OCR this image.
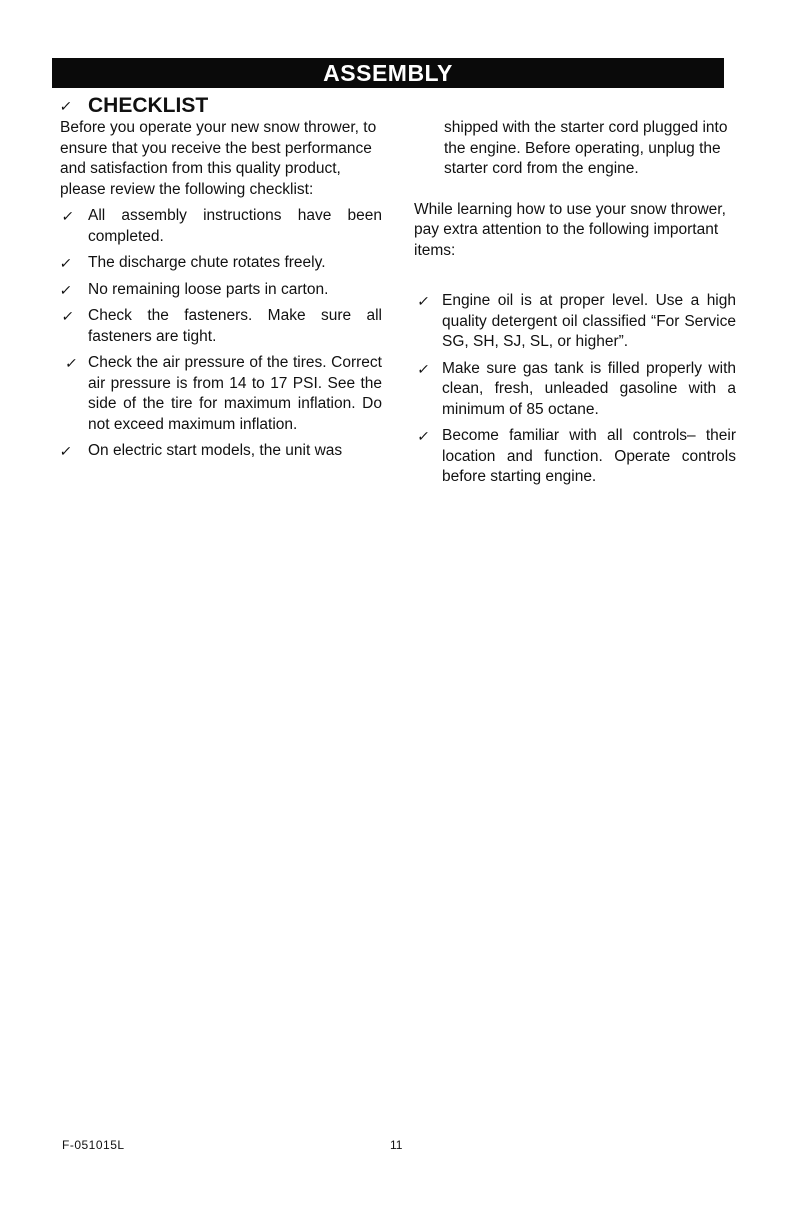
ASSEMBLY
✓ CHECKLIST

Before you operate your new snow thrower, to ensure that you receive the best performance and satisfaction from this quality product, please review the following checklist:

✓ All assembly instructions have been completed.
✓ The discharge chute rotates freely.
✓ No remaining loose parts in carton.
✓ Check the fasteners. Make sure all fasteners are tight.
✓ Check the air pressure of the tires. Correct air pressure is from 14 to 17 PSI. See the side of the tire for maximum inflation. Do not exceed maximum inflation.
✓ On electric start models, the unit was

shipped with the starter cord plugged into the engine. Before operating, unplug the starter cord from the engine.

While learning how to use your snow thrower, pay extra attention to the following important items:

✓ Engine oil is at proper level. Use a high quality detergent oil classified “For Service SG, SH, SJ, SL, or higher”.
✓ Make sure gas tank is filled properly with clean, fresh, unleaded gasoline with a minimum of 85 octane.
✓ Become familiar with all controls– their location and function. Operate controls before starting engine.
F-051015L	11
